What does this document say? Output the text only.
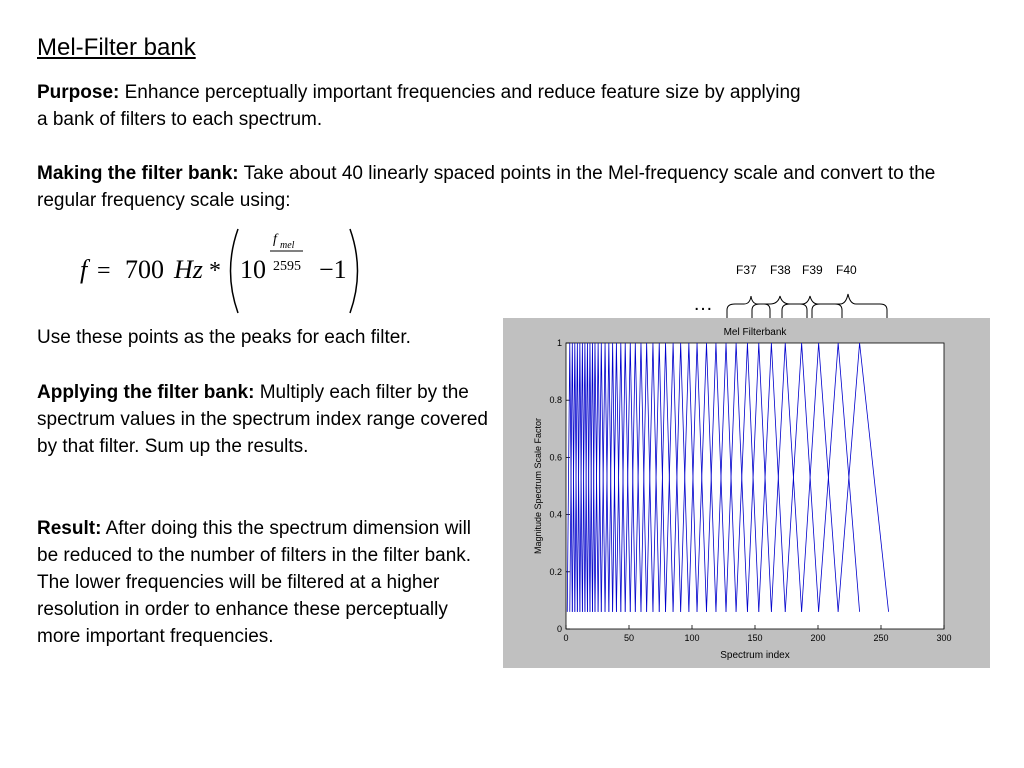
Mel-Filter bank
Purpose: Enhance perceptually important frequencies and reduce feature size by applying a bank of filters to each spectrum.
Making the filter bank: Take about 40 linearly spaced points in the Mel-frequency scale and convert to the regular frequency scale using:
f = 700 Hz * 10
f mel
2595 −1
Use these points as the peaks for each filter.
Applying the filter bank: Multiply each filter by the spectrum values in the spectrum index range covered by that filter. Sum up the results.
Result: After doing this the spectrum dimension will be reduced to the number of filters in the filter bank. The lower frequencies will be filtered at a higher resolution in order to enhance these perceptually more important frequencies.
F37 F38 F39 F40
…
Mel Filterbank
Spectrum index
Magnitude Spectrum Scale Factor
0	50	100	150	200	250	300
0
0.2
0.4
0.6
0.8
1
